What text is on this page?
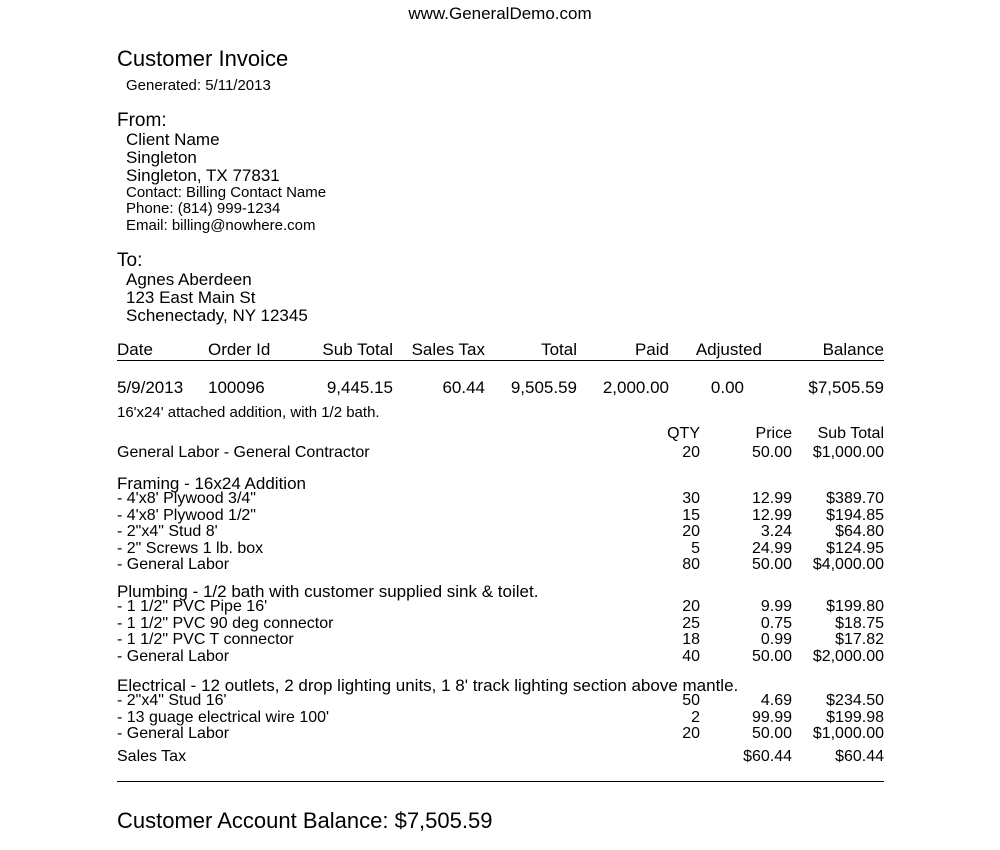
www.GeneralDemo.com
Customer Invoice
Generated: 5/11/2013
From:
Client Name
Singleton
Singleton, TX 77831
Contact: Billing Contact Name
Phone: (814) 999-1234
Email: billing@nowhere.com
To:
Agnes Aberdeen
123 East Main St
Schenectady, NY 12345
Date	Order Id	Sub Total Sales Tax	Total	Paid Adjusted	Balance
5/9/2013 100096	9,445.15	60.44 9,505.59 2,000.00 0.00	$7,505.59
16'x24' attached addition, with 1/2 bath.
QTY	Price Sub Total
General Labor - General Contractor	20	50.00 $1,000.00
Framing - 16x24 Addition
- 4'x8' Plywood 3/4"	30	12.99 $389.70
- 4'x8' Plywood 1/2"	15	12.99 $194.85
- 2"x4" Stud 8'	20	3.24	$64.80
- 2" Screws 1 lb. box	5	24.99 $124.95
- General Labor	80	50.00 $4,000.00
Plumbing - 1/2 bath with customer supplied sink & toilet.
- 1 1/2" PVC Pipe 16'	20	9.99 $199.80
- 1 1/2" PVC 90 deg connector	25	0.75	$18.75
- 1 1/2" PVC T connector	18	0.99	$17.82
- General Labor	40	50.00 $2,000.00
Electrical - 12 outlets, 2 drop lighting units, 1 8' track lighting section above mantle.
- 2"x4" Stud 16'	50	4.69 $234.50
- 13 guage electrical wire 100'	2	99.99 $199.98
- General Labor	20	50.00 $1,000.00
Sales Tax	$60.44	$60.44
Customer Account Balance: $7,505.59
